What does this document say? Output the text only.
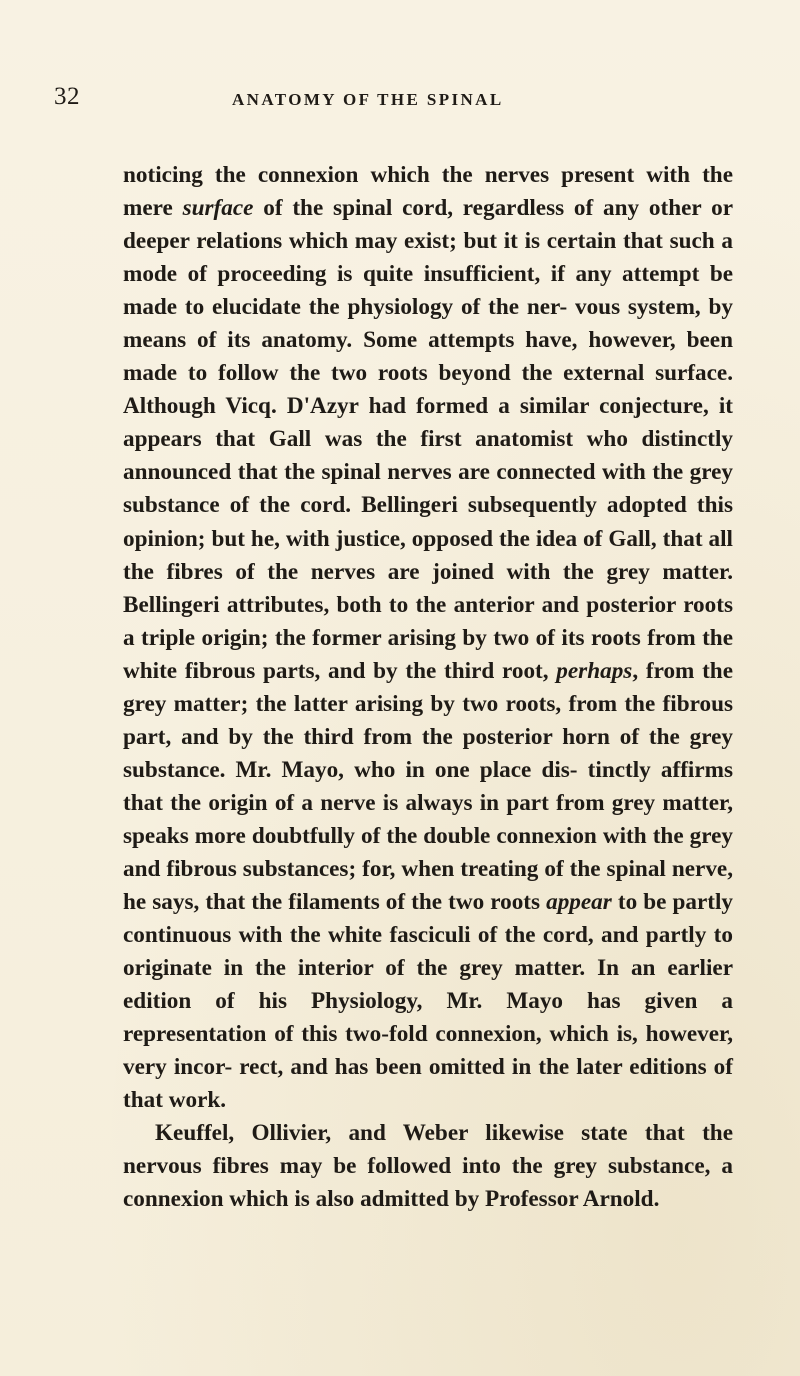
32	ANATOMY OF THE SPINAL

noticing the connexion which the nerves present with the mere surface of the spinal cord, regardless of any other or deeper relations which may exist; but it is certain that such a mode of proceeding is quite insufficient, if any attempt be made to elucidate the physiology of the ner- vous system, by means of its anatomy. Some attempts have, however, been made to follow the two roots beyond the external surface. Although Vicq. D'Azyr had formed a similar conjecture, it appears that Gall was the first anatomist who distinctly announced that the spinal nerves are connected with the grey substance of the cord. Bellingeri subsequently adopted this opinion; but he, with justice, opposed the idea of Gall, that all the fibres of the nerves are joined with the grey matter. Bellingeri attributes, both to the anterior and posterior roots a triple origin; the former arising by two of its roots from the white fibrous parts, and by the third root, perhaps, from the grey matter; the latter arising by two roots, from the fibrous part, and by the third from the posterior horn of the grey substance. Mr. Mayo, who in one place dis- tinctly affirms that the origin of a nerve is always in part from grey matter, speaks more doubtfully of the double connexion with the grey and fibrous substances; for, when treating of the spinal nerve, he says, that the filaments of the two roots appear to be partly continuous with the white fasciculi of the cord, and partly to originate in the interior of the grey matter. In an earlier edition of his Physiology, Mr. Mayo has given a representation of this two-fold connexion, which is, however, very incor- rect, and has been omitted in the later editions of that work.

Keuffel, Ollivier, and Weber likewise state that the nervous fibres may be followed into the grey substance, a connexion which is also admitted by Professor Arnold.
